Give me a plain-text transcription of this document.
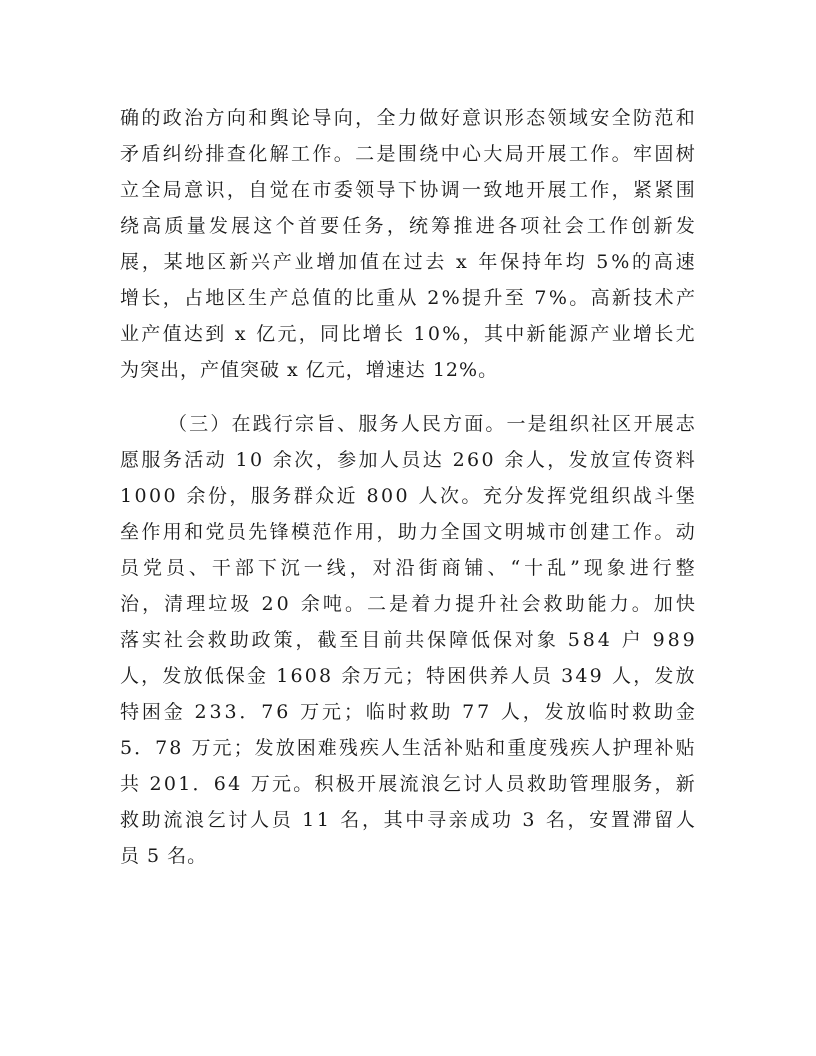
确 的 政 治 方 向 和 舆 论 导 向 ， 全 力 做 好 意 识 形 态 领 域 安 全 防 范 和
矛 盾 纠 纷 排 查 化 解 工 作 。 二 是 围 绕 中 心 大 局 开 展 工 作 。 牢 固 树
立 全 局 意 识 ， 自 觉 在 市 委 领 导 下 协 调 一 致 地 开 展 工 作 ， 紧 紧 围
绕 高 质 量 发 展 这 个 首 要 任 务 ， 统 筹 推 进 各 项 社 会 工 作 创 新 发
展 ， 某 地 区 新 兴 产 业 增 加 值 在 过 去
x
年 保 持 年 均
5 % 的 高 速
增 长 ， 占 地 区 生 产 总 值 的 比 重 从
2 % 提 升 至
7 % 。 高 新 技 术 产
业 产 值 达 到
x
亿 元 ， 同 比 增 长
1 0 % ， 其 中 新 能 源 产 业 增 长 尤
为突出，产值突破 x 亿元，增速达 12%。
（ 三 ） 在 践 行 宗 旨 、 服 务 人 民 方 面 。 一 是 组 织 社 区 开 展 志
愿 服 务 活 动
1 0
余 次 ， 参 加 人 员 达
2 6 0
余 人 ， 发 放 宣 传 资 料
1 0 0 0
余 份 ， 服 务 群 众 近
8 0 0
人 次 。 充 分 发 挥 党 组 织 战 斗 堡
垒 作 用 和 党 员 先 锋 模 范 作 用 ， 助 力 全 国 文 明 城 市 创 建 工 作 。 动
员 党 员 、 干 部 下 沉 一 线 ， 对 沿 街 商 铺 、 “ 十 乱 ” 现 象 进 行 整
治 ， 清 理 垃 圾
2 0
余 吨 。 二 是 着 力 提 升 社 会 救 助 能 力 。 加 快
落 实 社 会 救 助 政 策 ， 截 至 目 前 共 保 障 低 保 对 象
5 8 4
户
9 8 9
人 ， 发 放 低 保 金
1 6 0 8
余 万 元 ； 特 困 供 养 人 员
3 4 9
人 ， 发 放
特 困 金
2 3 3 ． 7 6
万 元 ； 临 时 救 助
7 7
人 ， 发 放 临 时 救 助 金
5 ． 7 8
万 元 ； 发 放 困 难 残 疾 人 生 活 补 贴 和 重 度 残 疾 人 护 理 补 贴
共
2 0 1 ． 6 4
万 元 。 积 极 开 展 流 浪 乞 讨 人 员 救 助 管 理 服 务 ， 新
救 助 流 浪 乞 讨 人 员
1 1
名 ， 其 中 寻 亲 成 功
3
名 ， 安 置 滞 留 人
员 5 名。
